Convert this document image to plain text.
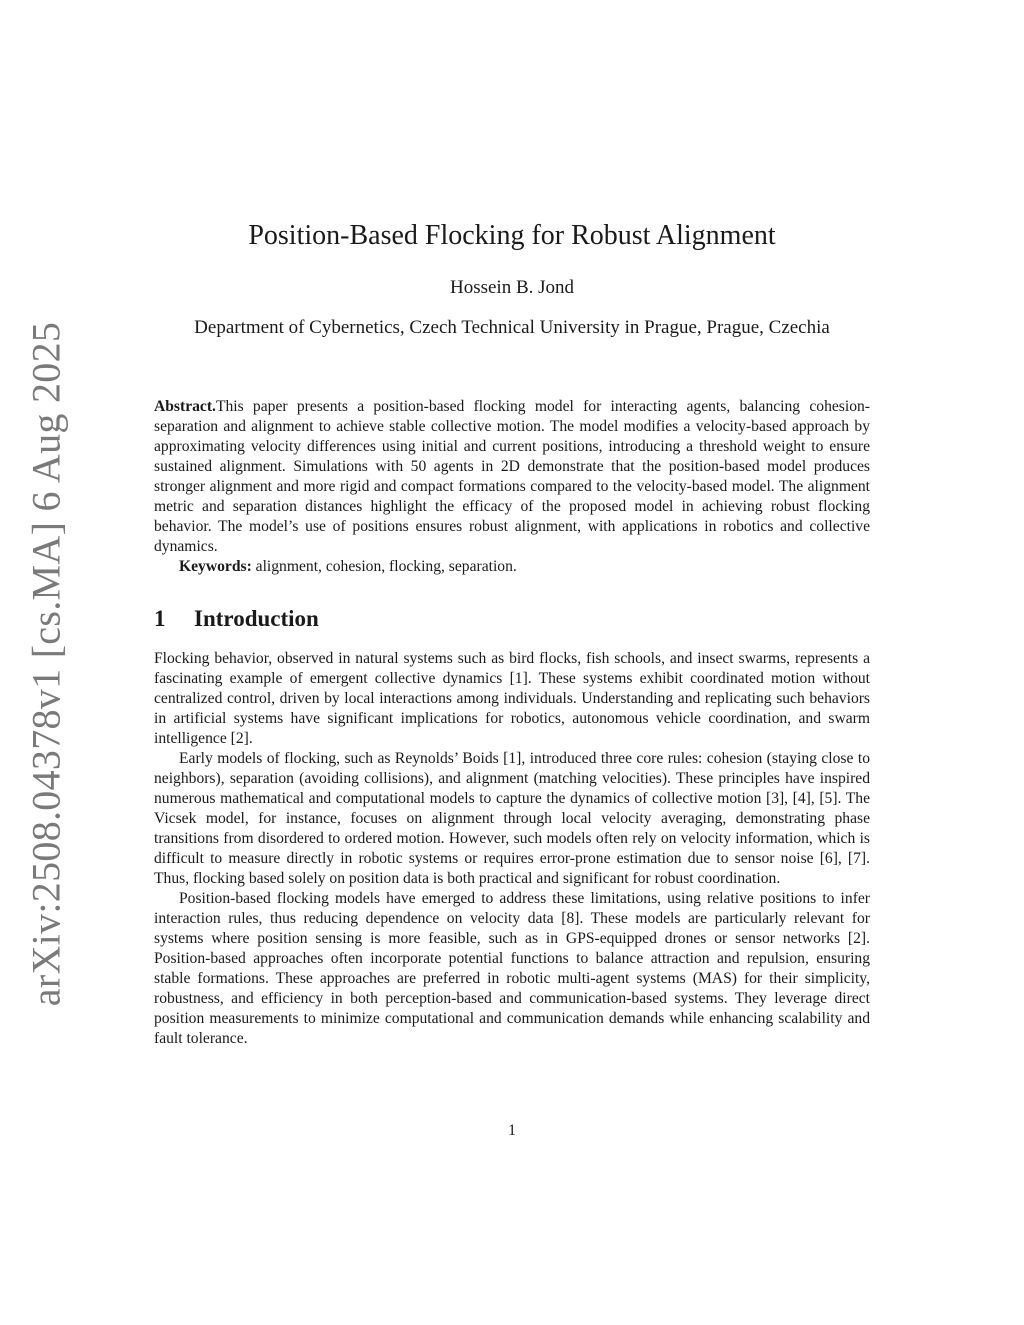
arXiv:2508.04378v1 [cs.MA] 6 Aug 2025
Position-Based Flocking for Robust Alignment
Hossein B. Jond
Department of Cybernetics, Czech Technical University in Prague, Prague, Czechia

Abstract.This paper presents a position-based flocking model for interacting agents, balancing cohesion-separation and alignment to achieve stable collective motion. The model modifies a velocity-based approach by approximating velocity differences using initial and current positions, introducing a threshold weight to ensure sustained alignment. Simulations with 50 agents in 2D demonstrate that the position-based model produces stronger alignment and more rigid and compact formations compared to the velocity-based model. The alignment metric and separation distances highlight the efficacy of the proposed model in achieving robust flocking behavior. The model’s use of positions ensures robust alignment, with applications in robotics and collective dynamics.

Keywords: alignment, cohesion, flocking, separation.

1 Introduction

Flocking behavior, observed in natural systems such as bird flocks, fish schools, and insect swarms, represents a fascinating example of emergent collective dynamics [1]. These systems exhibit coordinated motion without centralized control, driven by local interactions among individuals. Understanding and replicating such behaviors in artificial systems have significant implications for robotics, autonomous vehicle coordination, and swarm intelligence [2].

Early models of flocking, such as Reynolds’ Boids [1], introduced three core rules: cohesion (staying close to neighbors), separation (avoiding collisions), and alignment (matching velocities). These principles have inspired numerous mathematical and computational models to capture the dynamics of collective motion [3], [4], [5]. The Vicsek model, for instance, focuses on alignment through local velocity averaging, demonstrating phase transitions from disordered to ordered motion. However, such models often rely on velocity information, which is difficult to measure directly in robotic systems or requires error-prone estimation due to sensor noise [6], [7]. Thus, flocking based solely on position data is both practical and significant for robust coordination.

Position-based flocking models have emerged to address these limitations, using relative positions to infer interaction rules, thus reducing dependence on velocity data [8]. These models are particularly relevant for systems where position sensing is more feasible, such as in GPS-equipped drones or sensor networks [2]. Position-based approaches often incorporate potential functions to balance attraction and repulsion, ensuring stable formations. These approaches are preferred in robotic multi-agent systems (MAS) for their simplicity, robustness, and efficiency in both perception-based and communication-based systems. They leverage direct position measurements to minimize computational and communication demands while enhancing scalability and fault tolerance.

1
